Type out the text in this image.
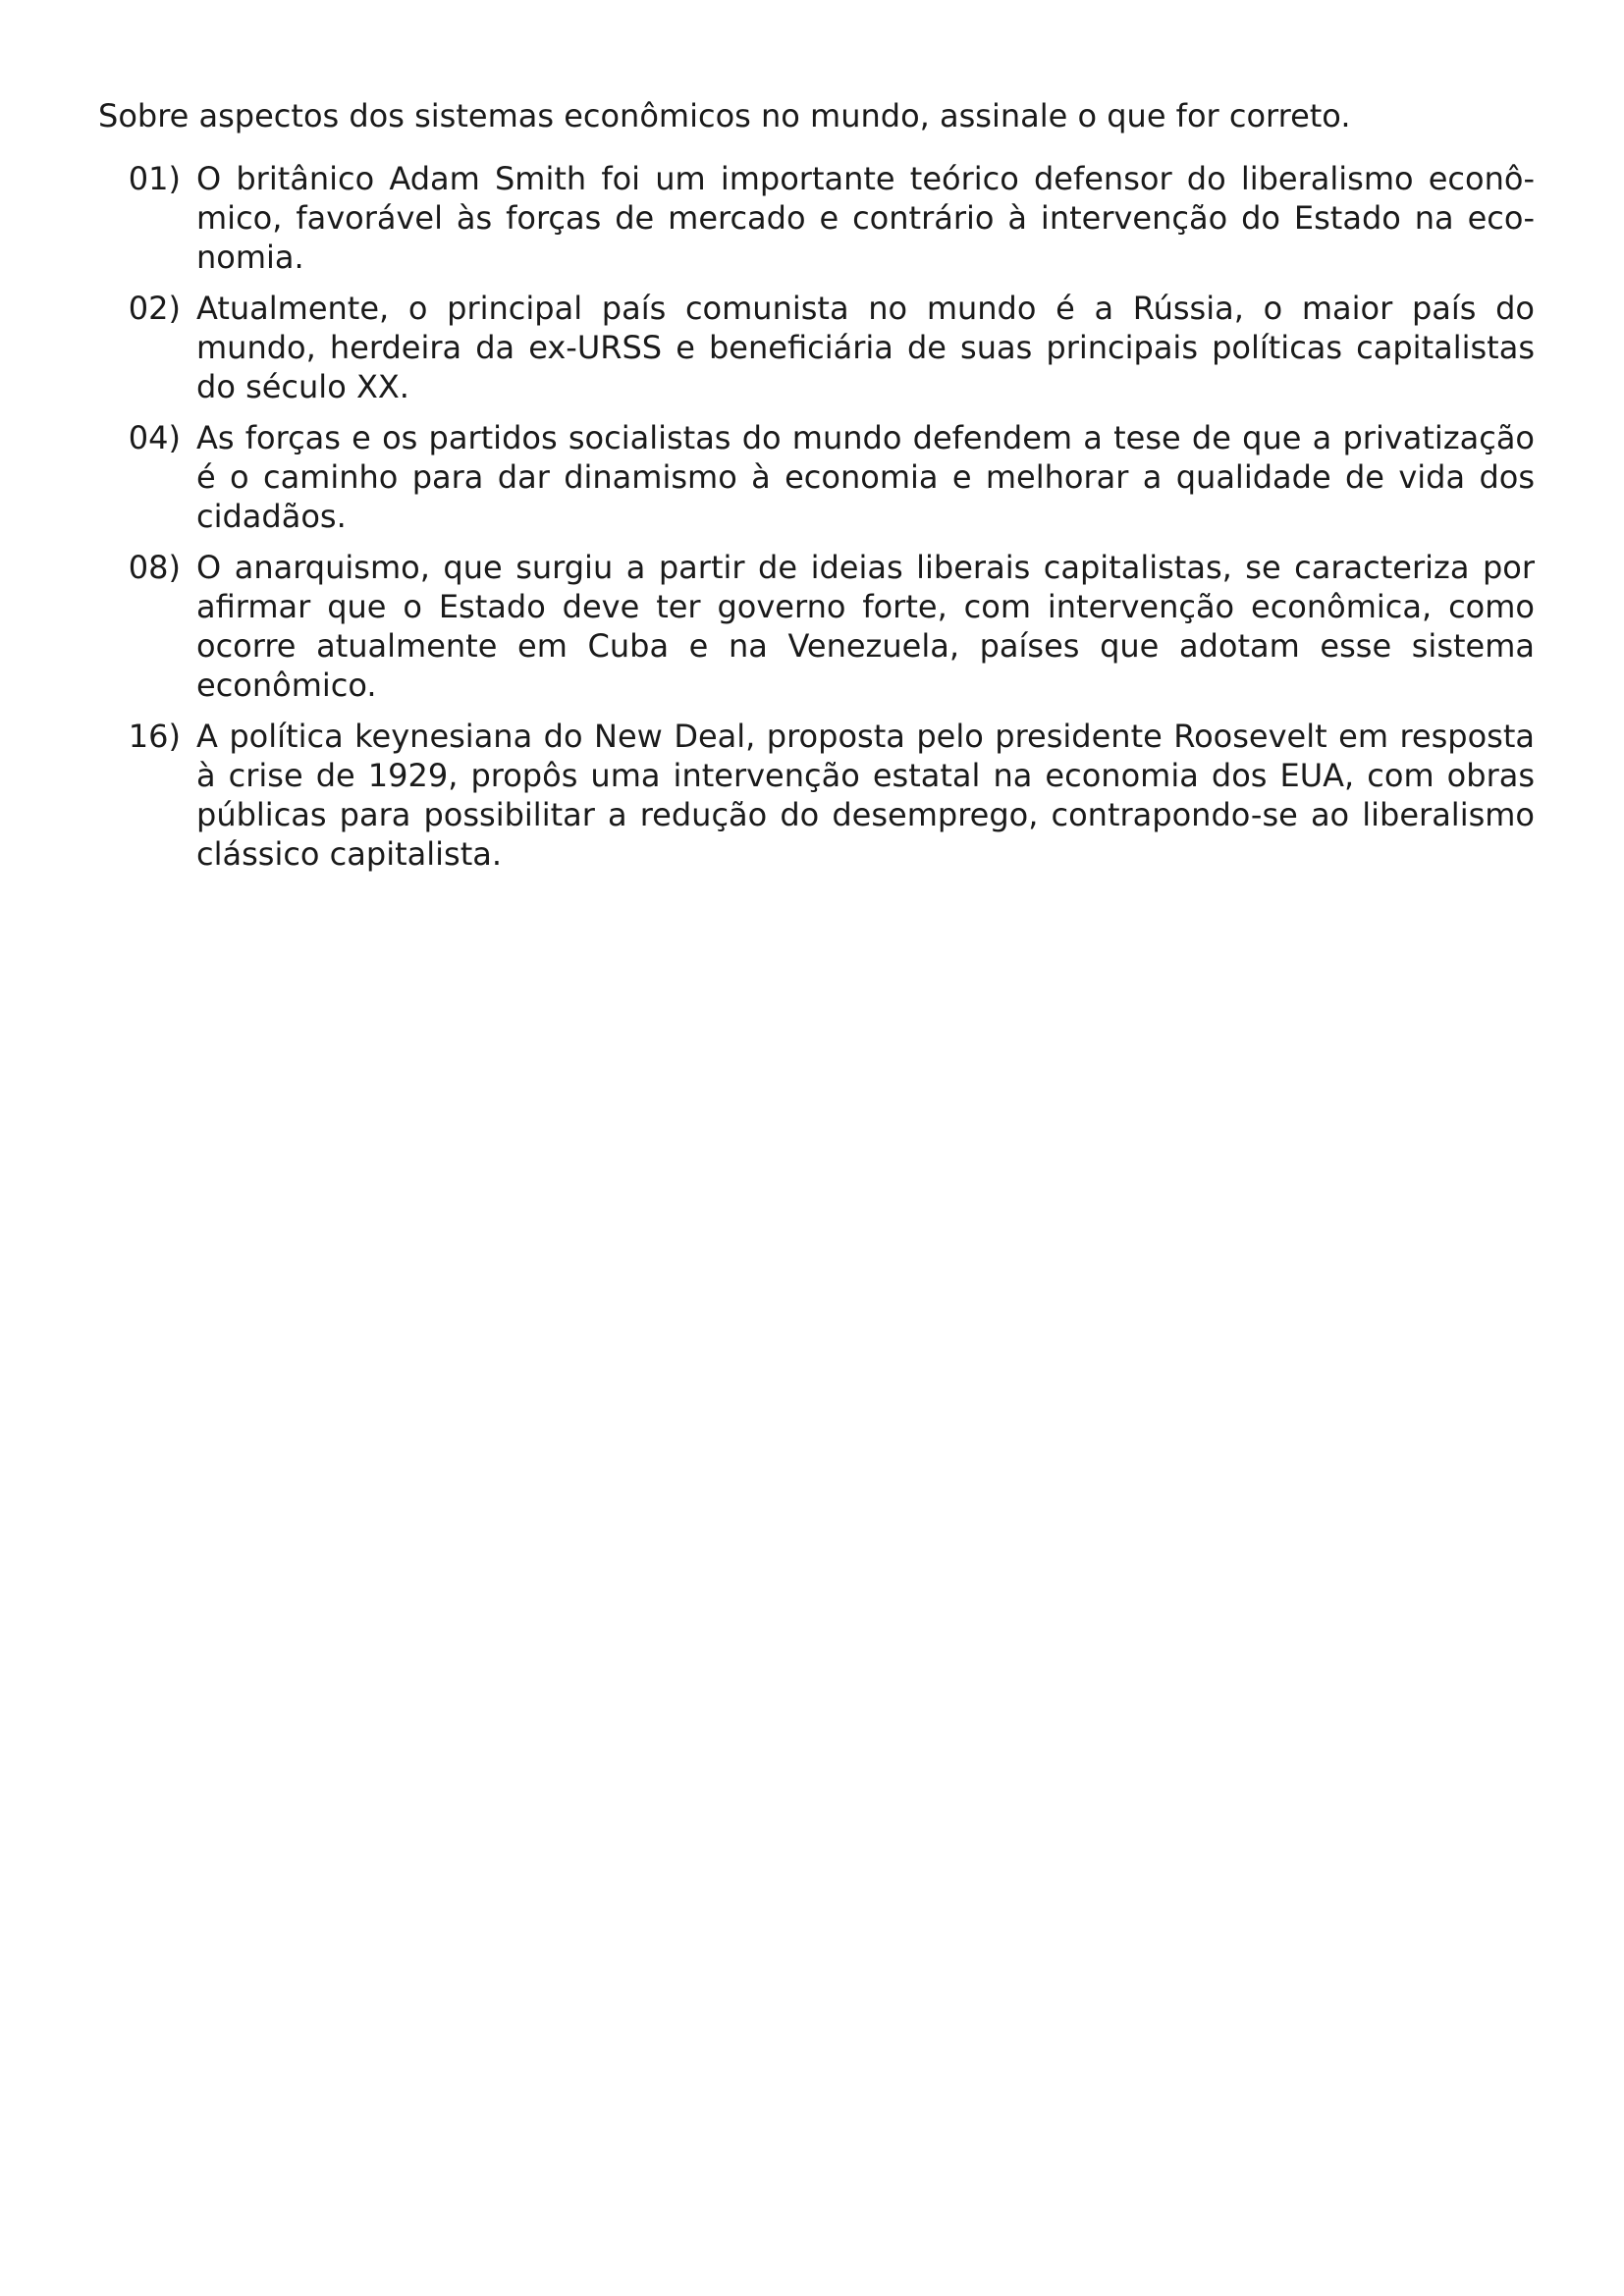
Sobre aspectos dos sistemas econômicos no mundo, assinale o que for correto.

01) O britânico Adam Smith foi um importante teórico defensor do liberalismo econômico, favorável às forças de mercado e contrário à intervenção do Estado na economia.
02) Atualmente, o principal país comunista no mundo é a Rússia, o maior país do mundo, herdeira da ex-URSS e beneficiária de suas principais políticas capitalistas do século XX.
04) As forças e os partidos socialistas do mundo defendem a tese de que a privatização é o caminho para dar dinamismo à economia e melhorar a qualidade de vida dos cidadãos.
08) O anarquismo, que surgiu a partir de ideias liberais capitalistas, se caracteriza por afirmar que o Estado deve ter governo forte, com intervenção econômica, como ocorre atualmente em Cuba e na Venezuela, países que adotam esse sistema econômico.
16) A política keynesiana do New Deal, proposta pelo presidente Roosevelt em resposta à crise de 1929, propôs uma intervenção estatal na economia dos EUA, com obras públicas para possibilitar a redução do desemprego, contrapondo-se ao liberalismo clássico capitalista.
